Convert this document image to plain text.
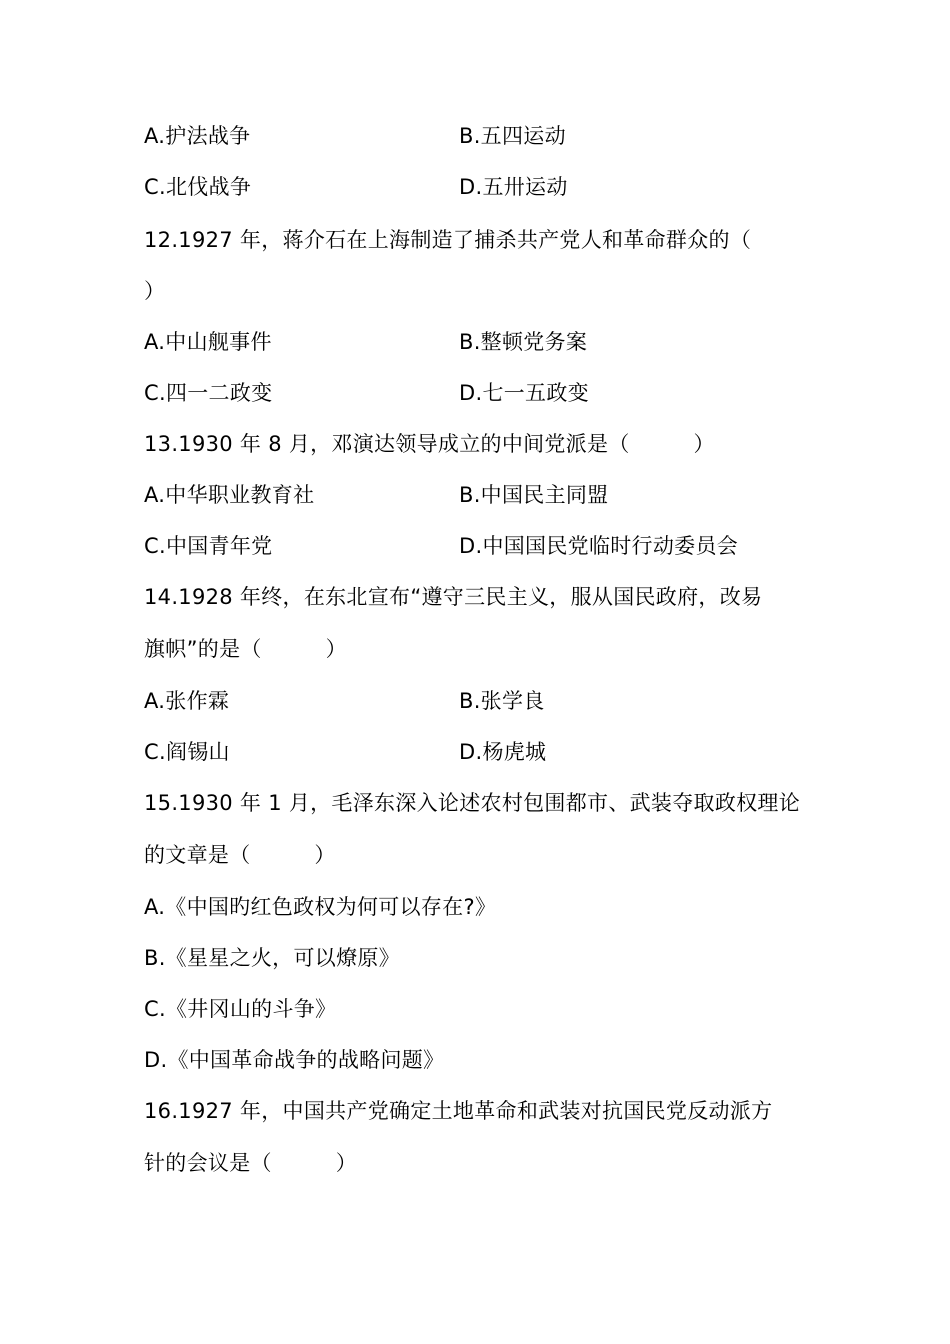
A.护法战争	B.五四运动
C.北伐战争	D.五卅运动
12.1927 年，蒋介石在上海制造了捕杀共产党人和革命群众的（
）
A.中山舰事件	B.整顿党务案
C.四一二政变	D.七一五政变
13.1930 年 8 月，邓演达领导成立的中间党派是（　　　）
A.中华职业教育社	B.中国民主同盟
C.中国青年党	D.中国国民党临时行动委员会
14.1928 年终，在东北宣布“遵守三民主义，服从国民政府，改易
旗帜”的是（　　　）
A.张作霖	B.张学良
C.阎锡山	D.杨虎城
15.1930 年 1 月，毛泽东深入论述农村包围都市、武装夺取政权理论
的文章是（　　　）
A.《中国旳红色政权为何可以存在?》
B.《星星之火，可以燎原》
C.《井冈山的斗争》
D.《中国革命战争的战略问题》
16.1927 年，中国共产党确定土地革命和武装对抗国民党反动派方
针的会议是（　　　）
